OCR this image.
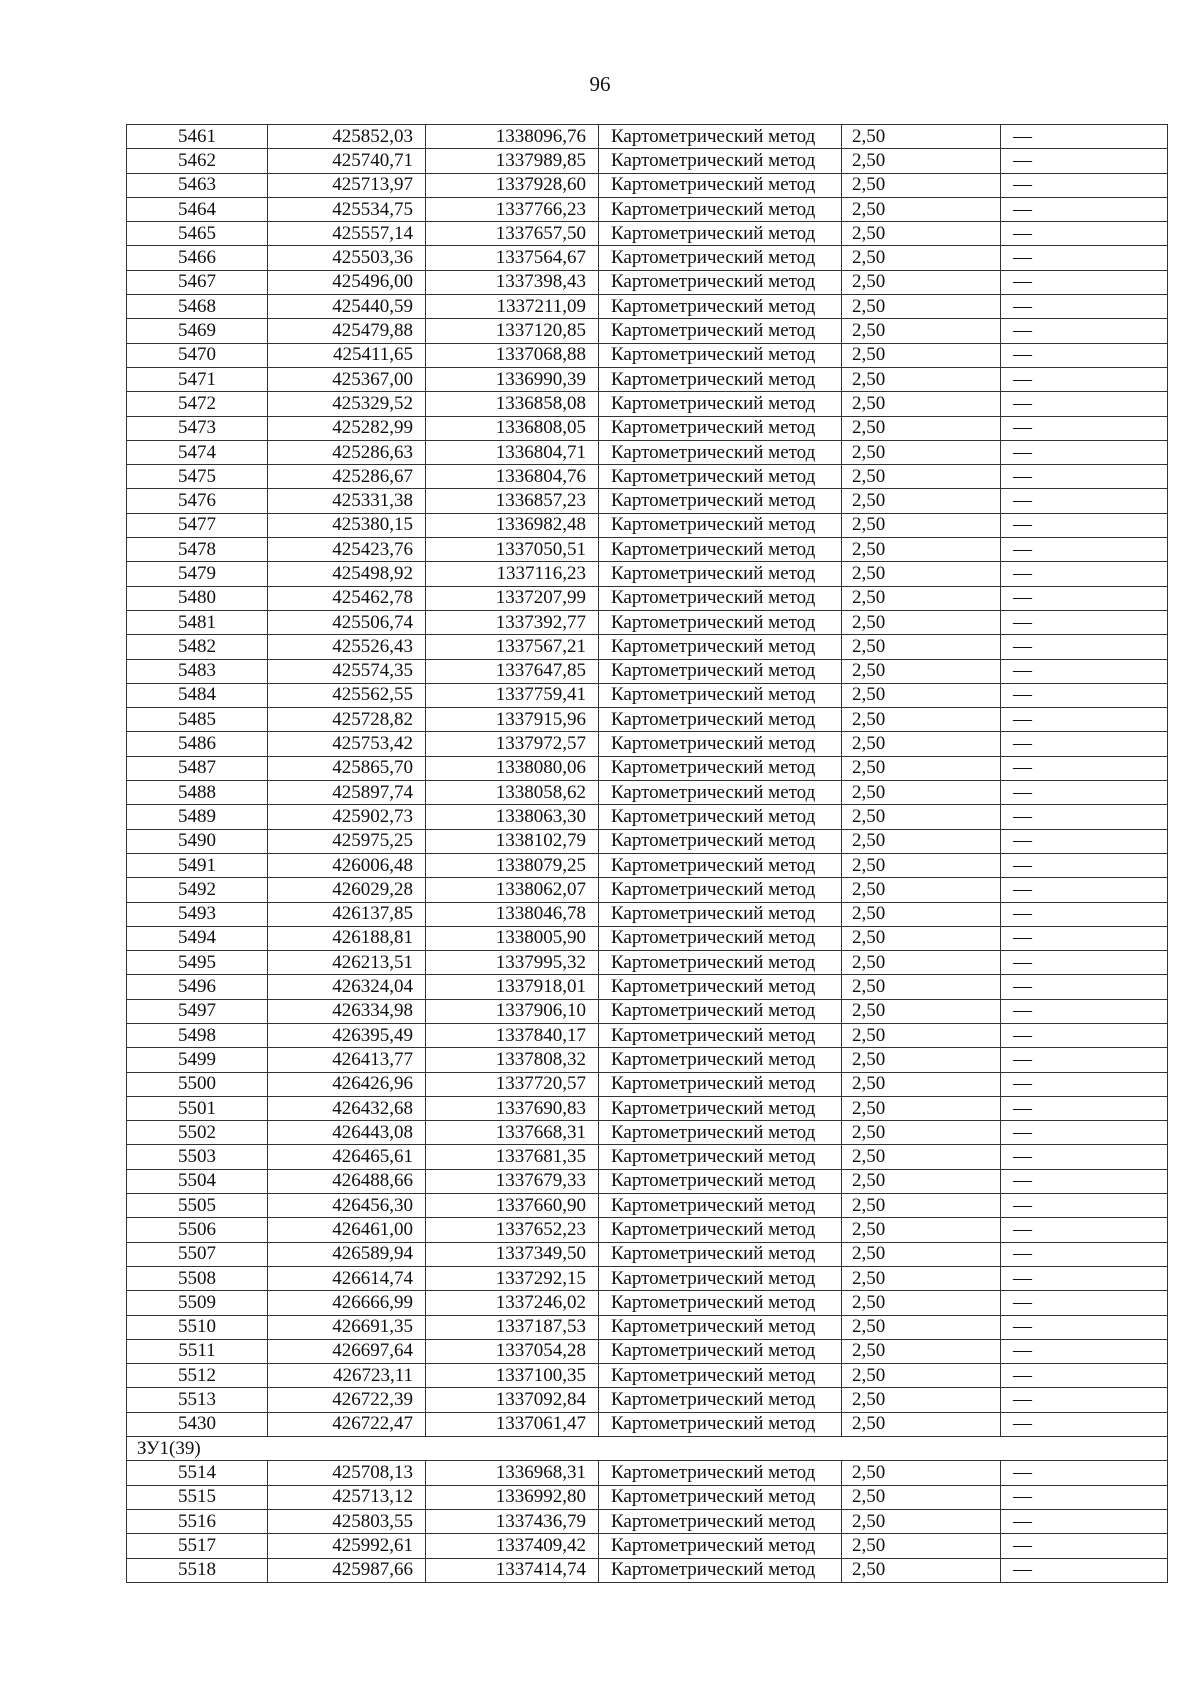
96
5461	425852,03	1338096,76	Картометрический метод	2,50	—
5462	425740,71	1337989,85	Картометрический метод	2,50	—
5463	425713,97	1337928,60	Картометрический метод	2,50	—
5464	425534,75	1337766,23	Картометрический метод	2,50	—
5465	425557,14	1337657,50	Картометрический метод	2,50	—
5466	425503,36	1337564,67	Картометрический метод	2,50	—
5467	425496,00	1337398,43	Картометрический метод	2,50	—
5468	425440,59	1337211,09	Картометрический метод	2,50	—
5469	425479,88	1337120,85	Картометрический метод	2,50	—
5470	425411,65	1337068,88	Картометрический метод	2,50	—
5471	425367,00	1336990,39	Картометрический метод	2,50	—
5472	425329,52	1336858,08	Картометрический метод	2,50	—
5473	425282,99	1336808,05	Картометрический метод	2,50	—
5474	425286,63	1336804,71	Картометрический метод	2,50	—
5475	425286,67	1336804,76	Картометрический метод	2,50	—
5476	425331,38	1336857,23	Картометрический метод	2,50	—
5477	425380,15	1336982,48	Картометрический метод	2,50	—
5478	425423,76	1337050,51	Картометрический метод	2,50	—
5479	425498,92	1337116,23	Картометрический метод	2,50	—
5480	425462,78	1337207,99	Картометрический метод	2,50	—
5481	425506,74	1337392,77	Картометрический метод	2,50	—
5482	425526,43	1337567,21	Картометрический метод	2,50	—
5483	425574,35	1337647,85	Картометрический метод	2,50	—
5484	425562,55	1337759,41	Картометрический метод	2,50	—
5485	425728,82	1337915,96	Картометрический метод	2,50	—
5486	425753,42	1337972,57	Картометрический метод	2,50	—
5487	425865,70	1338080,06	Картометрический метод	2,50	—
5488	425897,74	1338058,62	Картометрический метод	2,50	—
5489	425902,73	1338063,30	Картометрический метод	2,50	—
5490	425975,25	1338102,79	Картометрический метод	2,50	—
5491	426006,48	1338079,25	Картометрический метод	2,50	—
5492	426029,28	1338062,07	Картометрический метод	2,50	—
5493	426137,85	1338046,78	Картометрический метод	2,50	—
5494	426188,81	1338005,90	Картометрический метод	2,50	—
5495	426213,51	1337995,32	Картометрический метод	2,50	—
5496	426324,04	1337918,01	Картометрический метод	2,50	—
5497	426334,98	1337906,10	Картометрический метод	2,50	—
5498	426395,49	1337840,17	Картометрический метод	2,50	—
5499	426413,77	1337808,32	Картометрический метод	2,50	—
5500	426426,96	1337720,57	Картометрический метод	2,50	—
5501	426432,68	1337690,83	Картометрический метод	2,50	—
5502	426443,08	1337668,31	Картометрический метод	2,50	—
5503	426465,61	1337681,35	Картометрический метод	2,50	—
5504	426488,66	1337679,33	Картометрический метод	2,50	—
5505	426456,30	1337660,90	Картометрический метод	2,50	—
5506	426461,00	1337652,23	Картометрический метод	2,50	—
5507	426589,94	1337349,50	Картометрический метод	2,50	—
5508	426614,74	1337292,15	Картометрический метод	2,50	—
5509	426666,99	1337246,02	Картометрический метод	2,50	—
5510	426691,35	1337187,53	Картометрический метод	2,50	—
5511	426697,64	1337054,28	Картометрический метод	2,50	—
5512	426723,11	1337100,35	Картометрический метод	2,50	—
5513	426722,39	1337092,84	Картометрический метод	2,50	—
5430	426722,47	1337061,47	Картометрический метод	2,50	—
ЗУ1(39)					
5514	425708,13	1336968,31	Картометрический метод	2,50	—
5515	425713,12	1336992,80	Картометрический метод	2,50	—
5516	425803,55	1337436,79	Картометрический метод	2,50	—
5517	425992,61	1337409,42	Картометрический метод	2,50	—
5518	425987,66	1337414,74	Картометрический метод	2,50	—
